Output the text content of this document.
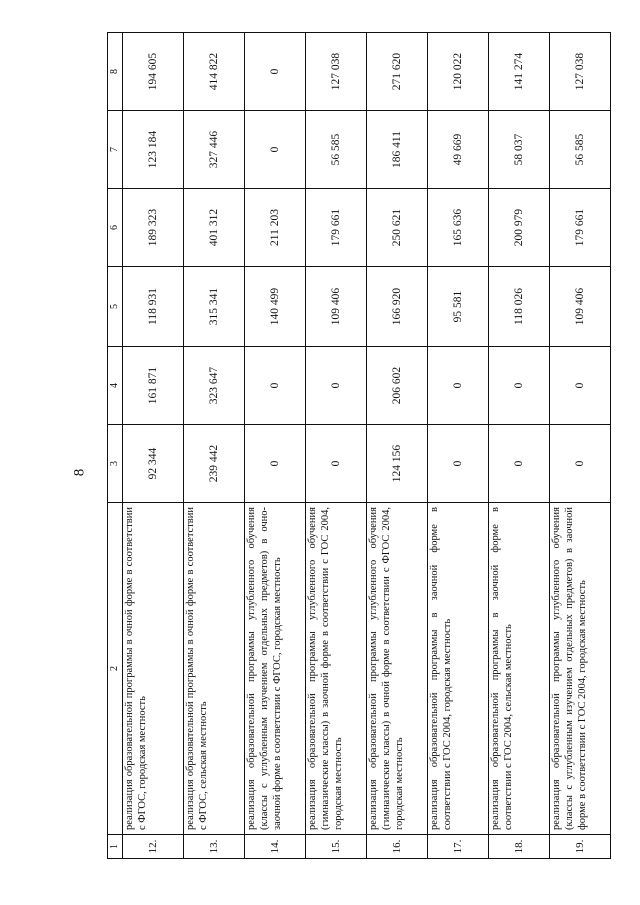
8
1	2	3	4	5	6	7	8
12.	реализация образовательной программы в очной форме в соответствии с ФГОС, городская местность	92 344	161 871	118 931	189 323	123 184	194 605
13.	реализация образовательной программы в очной форме в соответствии с ФГОС, сельская местность	239 442	323 647	315 341	401 312	327 446	414 822
14.	реализация образовательной программы углубленного обучения (классы с углубленным изучением отдельных предметов) в очно-заочной форме в соответствии с ФГОС, городская местность	0	0	140 499	211 203	0	0
15.	реализация образовательной программы углубленного обучения (гимназические классы) в заочной форме в соответствии с ГОС 2004, городская местность	0	0	109 406	179 661	56 585	127 038
16.	реализация образовательной программы углубленного обучения (гимназические классы) в очной форме в соответствии с ФГОС 2004, городская местность	124 156	206 602	166 920	250 621	186 411	271 620
17.	реализация образовательной программы в заочной форме в соответствии с ГОС 2004, городская местность	0	0	95 581	165 636	49 669	120 022
18.	реализация образовательной программы в заочной форме в соответствии с ГОС 2004, сельская местность	0	0	118 026	200 979	58 037	141 274
19.	реализация образовательной программы углубленного обучения (классы с углубленным изучением отдельных предметов) в заочной форме в соответствии с ГОС 2004, городская местность	0	0	109 406	179 661	56 585	127 038
